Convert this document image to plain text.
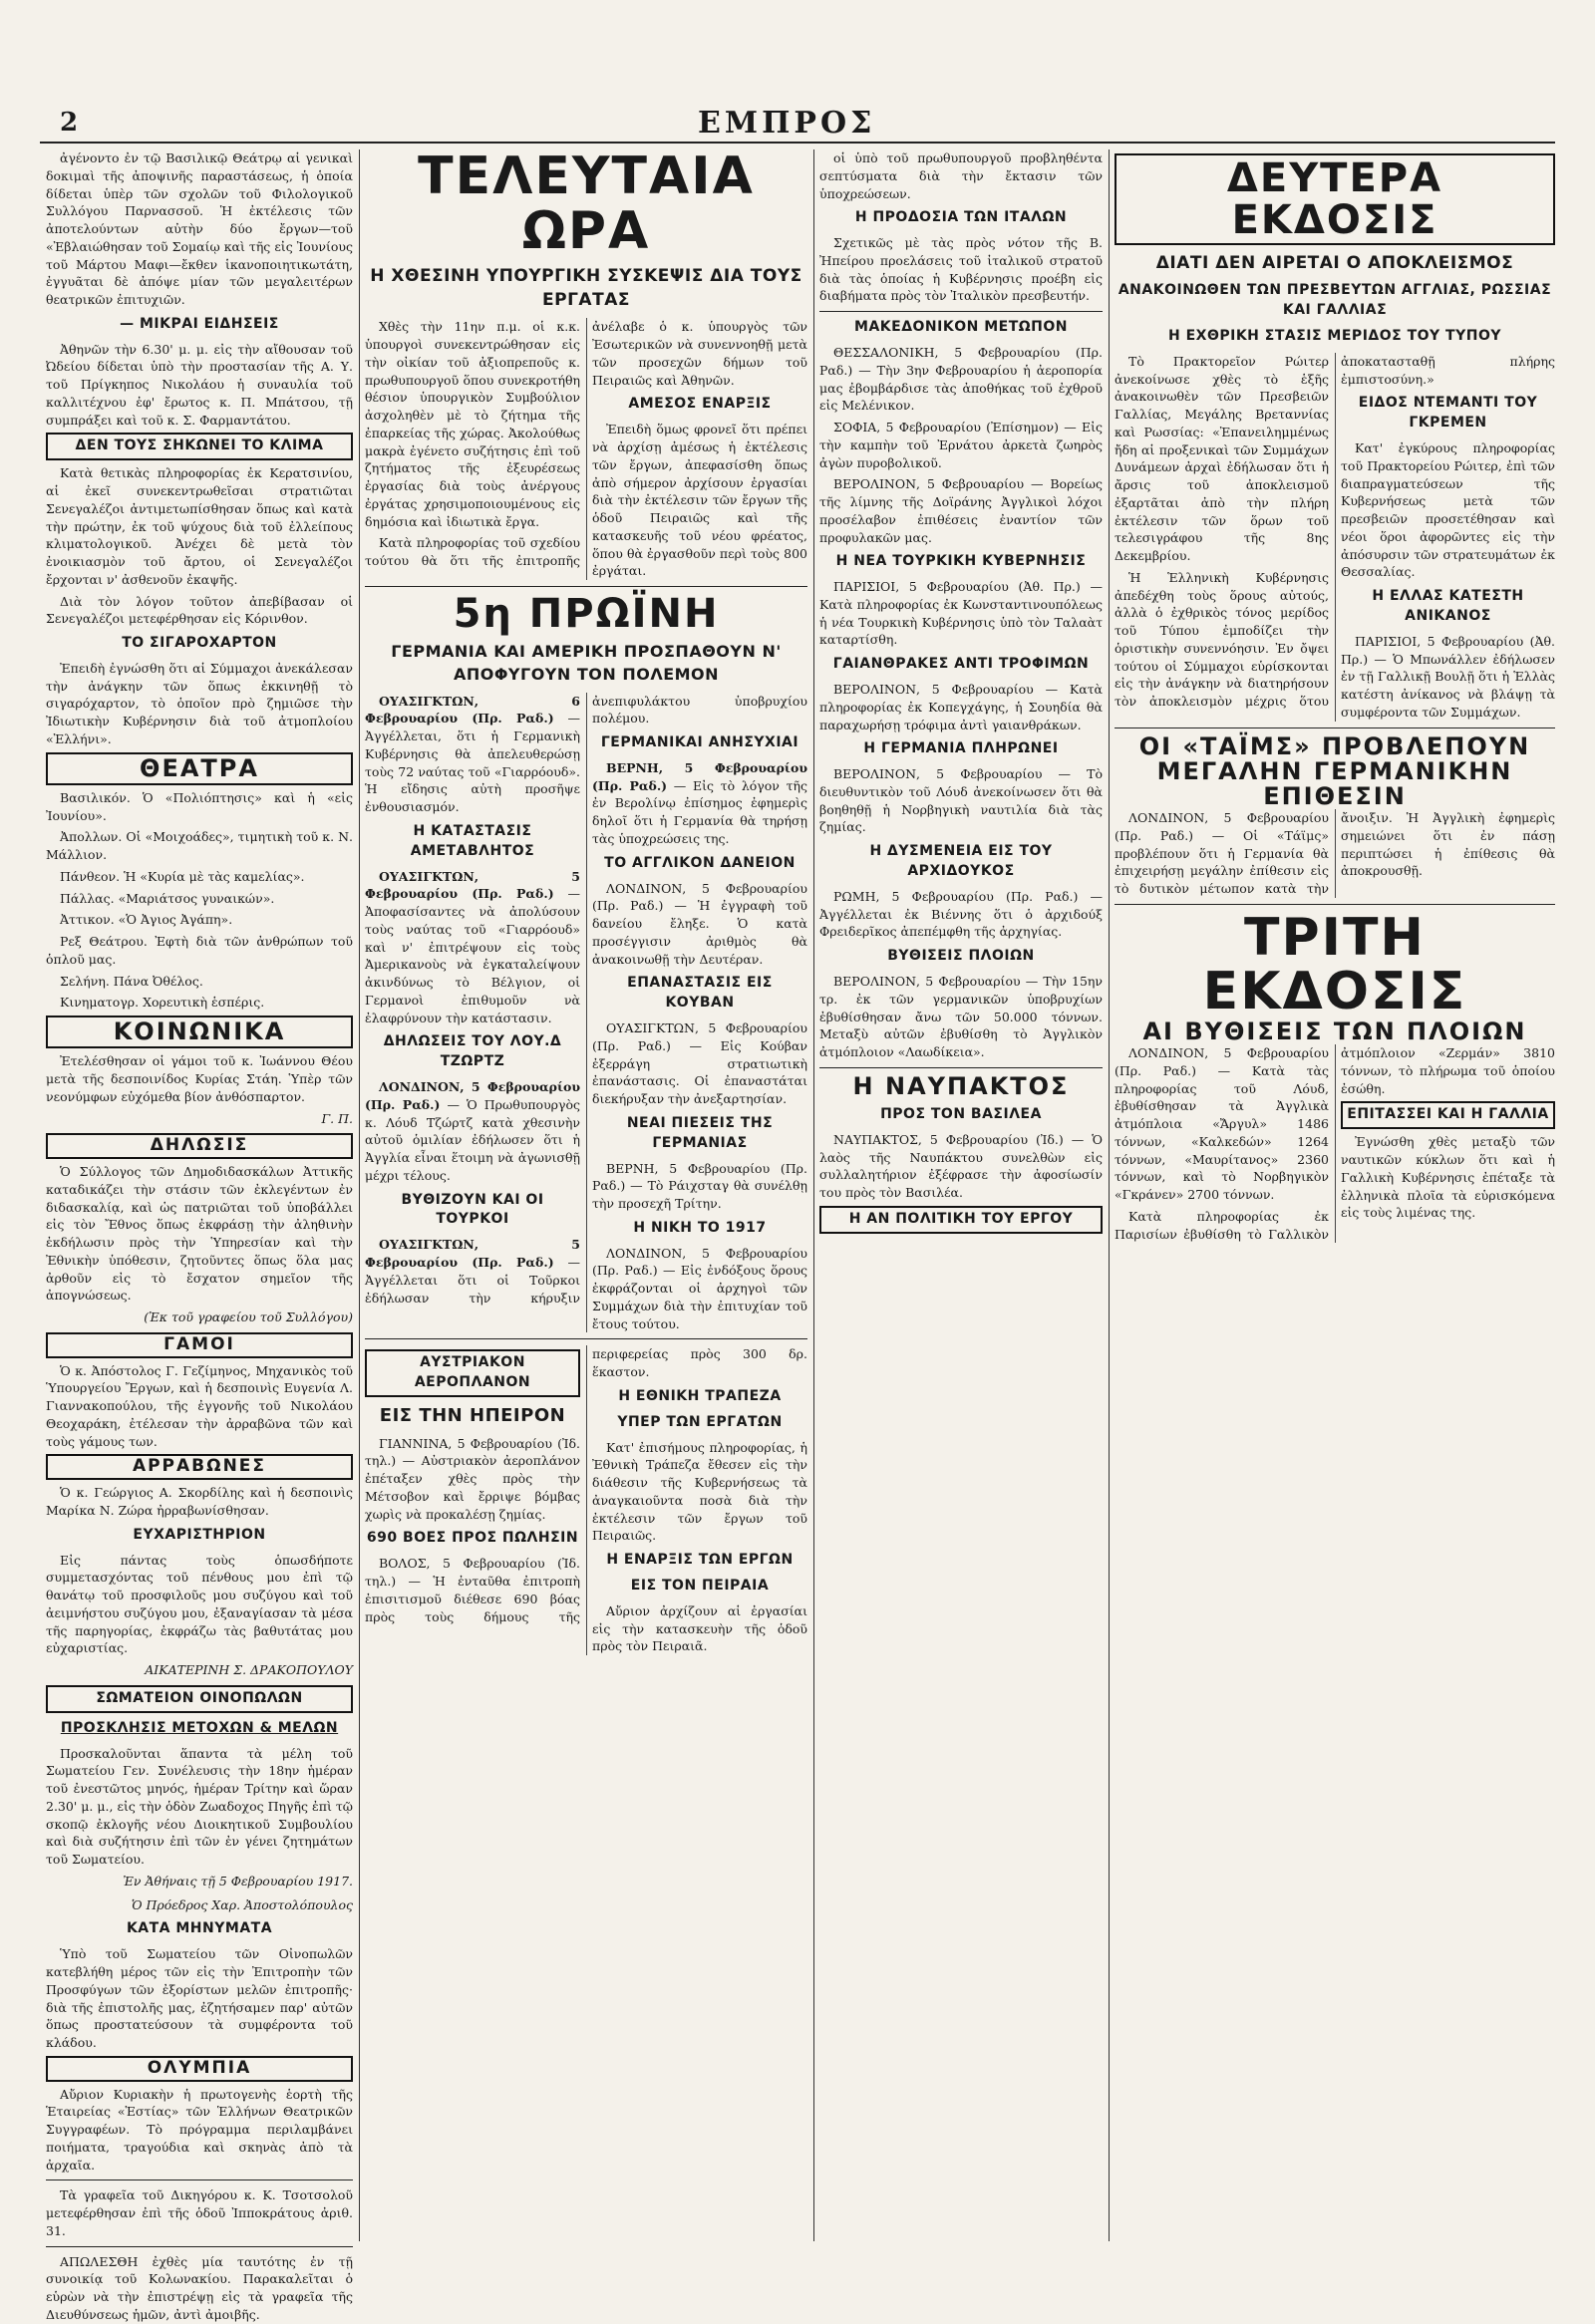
2	ΕΜΠΡΟΣ

ἀγένοντο ἐν τῷ Βασιλικῷ Θεάτρῳ αἱ γενικαὶ δοκιμαὶ τῆς ἀποψινῆς παραστάσεως, ἡ ὁποία δίδεται ὑπὲρ τῶν σχολῶν τοῦ Φιλολογικοῦ Συλλόγου Παρνασσοῦ. Ἡ ἐκτέλεσις τῶν ἀποτελούντων αὐτὴν δύο ἔργων—τοῦ «Ἐβλαιώθησαν τοῦ Σομαίῳ καὶ τῆς εἰς Ἰουνίους τοῦ Μάρτου Μαφι—ἔκθεν ἱκανοποιητικωτάτη, ἐγγυᾶται δὲ ἀπόψε μίαν τῶν μεγαλειτέρων θεατρικῶν ἐπιτυχιῶν.

— ΜΙΚΡΑΙ ΕΙΔΗΣΕΙΣ

Ἀθηνῶν τὴν 6.30' μ. μ. εἰς τὴν αἴθουσαν τοῦ Ὠδείου δίδεται ὑπὸ τὴν προστασίαν τῆς Α. Υ. τοῦ Πρίγκηπος Νικολάου ἡ συναυλία τοῦ καλλιτέχνου ἐφ' ἔρωτος κ. Π. Μπάτσου, τῇ συμπράξει καὶ τοῦ κ. Σ. Φαρμαντάτου.

ΔΕΝ ΤΟΥΣ ΣΗΚΩΝΕΙ ΤΟ ΚΛΙΜΑ

Κατὰ θετικὰς πληροφορίας ἐκ Κερατσινίου, αἱ ἐκεῖ συνεκεντρωθεῖσαι στρατιῶται Σενεγαλέζοι ἀντιμετωπίσθησαν ὅπως καὶ κατὰ τὴν πρώτην, ἐκ τοῦ ψύχους διὰ τοῦ ἐλλείπους κλιματολογικοῦ. Ἀνέχει δὲ μετὰ τὸν ἐνοικιασμὸν τοῦ ἄρτου, οἱ Σενεγαλέζοι ἔρχονται ν' ἀσθενοῦν ἐκαψῆς.

Διὰ τὸν λόγον τοῦτον ἀπεβίβασαν οἱ Σενεγαλέζοι μετεφέρθησαν εἰς Κόρινθον.

ΤΟ ΣΙΓΑΡΟΧΑΡΤΟΝ

Ἐπειδὴ ἐγνώσθη ὅτι αἱ Σύμμαχοι ἀνεκάλεσαν τὴν ἀνάγκην τῶν ὅπως ἐκκινηθῇ τὸ σιγαρόχαρτον, τὸ ὁποῖον πρὸ ζημιῶσε τὴν Ἰδιωτικὴν Κυβέρνησιν διὰ τοῦ ἀτμοπλοίου «Ἐλλήνι».

ΘΕΑΤΡΑ

Βασιλικόν. Ὁ «Πολιόπτησις» καὶ ἡ «εἰς Ἰουνίου».

Ἀπολλων. Οἱ «Μοιχοάδες», τιμητικὴ τοῦ κ. Ν. Μάλλιον.

Πάνθεον. Ἡ «Κυρία μὲ τὰς καμελίας».

Πάλλας. «Μαριάτσος γυναικών».

Ἀττικον. «Ὁ Ἀγιος Ἀγάπη».

Ρεξ Θεάτρου. Ἐφτὴ διὰ τῶν ἀνθρώπων τοῦ ὁπλοῦ μας.

Σελήνη. Πάνα Ὀθέλος.

Κινηματογρ. Χορευτικὴ ἑσπέρις.

ΚΟΙΝΩΝΙΚΑ

Ἐτελέσθησαν οἱ γάμοι τοῦ κ. Ἰωάννου Θέου μετὰ τῆς δεσποινίδος Κυρίας Στάη. Ὑπὲρ τῶν νεονύμφων εὐχόμεθα βίον ἀνθόσπαρτον.

Γ. Π.
ΔΗΛΩΣΙΣ

Ὁ Σύλλογος τῶν Δημοδιδασκάλων Ἀττικῆς καταδικάζει τὴν στάσιν τῶν ἐκλεγέντων ἐν διδασκαλίᾳ, καὶ ὡς πατριῶται τοῦ ὑποβάλλει εἰς τὸν Ἔθνος ὅπως ἐκφράσῃ τὴν ἀληθινὴν ἐκδήλωσιν πρὸς τὴν Ὑπηρεσίαν καὶ τὴν Ἐθνικὴν ὑπόθεσιν, ζητοῦντες ὅπως ὅλα μας ἀρθοῦν εἰς τὸ ἔσχατον σημεῖον τῆς ἀπογνώσεως.

(Ἐκ τοῦ γραφείου τοῦ Συλλόγου)
ΓΑΜΟΙ

Ὁ κ. Ἀπόστολος Γ. Γεζίμηνος, Μηχανικὸς τοῦ Ὑπουργείου Ἔργων, καὶ ἡ δεσποινὶς Ευγενία Λ. Γιαννακοπούλου, τῆς ἐγγονῆς τοῦ Νικολάου Θεοχαράκη, ἐτέλεσαν τὴν ἀρραβῶνα τῶν καὶ τοὺς γάμους των.

ΑΡΡΑΒΩΝΕΣ

Ὁ κ. Γεώργιος Α. Σκορδίλης καὶ ἡ δεσποινὶς Μαρίκα Ν. Ζώρα ἠρραβωνίσθησαν.

ΕΥΧΑΡΙΣΤΗΡΙΟΝ

Εἰς πάντας τοὺς ὁπωσδήποτε συμμετασχόντας τοῦ πένθους μου ἐπὶ τῷ θανάτῳ τοῦ προσφιλοῦς μου συζύγου καὶ τοῦ ἀειμνήστου συζύγου μου, ἐξαναγίασαν τὰ μέσα τῆς παρηγορίας, ἐκφράζω τὰς βαθυτάτας μου εὐχαριστίας.

ΑΙΚΑΤΕΡΙΝΗ Σ. ΔΡΑΚΟΠΟΥΛΟΥ
ΣΩΜΑΤΕΙΟΝ ΟΙΝΟΠΩΛΩΝ
ΠΡΟΣΚΛΗΣΙΣ ΜΕΤΟΧΩΝ & ΜΕΛΩΝ

Προσκαλοῦνται ἅπαντα τὰ μέλη τοῦ Σωματείου Γεν. Συνέλευσις τὴν 18ην ἡμέραν τοῦ ἐνεστῶτος μηνός, ἡμέραν Τρίτην καὶ ὥραν 2.30' μ. μ., εἰς τὴν ὁδὸν Ζωαδοχος Πηγῆς ἐπὶ τῷ σκοπῷ ἐκλογῆς νέου Διοικητικοῦ Συμβουλίου καὶ διὰ συζήτησιν ἐπὶ τῶν ἐν γένει ζητημάτων τοῦ Σωματείου.

Ἐν Ἀθήναις τῇ 5 Φεβρουαρίου 1917.
Ὁ Πρόεδρος Χαρ. Ἀποστολόπουλος
ΚΑΤΑ ΜΗΝΥΜΑΤΑ

Ὑπὸ τοῦ Σωματείου τῶν Οἰνοπωλῶν κατεβλήθη μέρος τῶν εἰς τὴν Ἐπιτροπὴν τῶν Προσφύγων τῶν ἐξορίστων μελῶν ἐπιτροπῆς· διὰ τῆς ἐπιστολῆς μας, ἐζητήσαμεν παρ' αὐτῶν ὅπως προστατεύσουν τὰ συμφέροντα τοῦ κλάδου.

ΟΛΥΜΠΙΑ

Αὔριον Κυριακὴν ἡ πρωτογενὴς ἑορτὴ τῆς Ἑταιρείας «Ἑστίας» τῶν Ἑλλήνων Θεατρικῶν Συγγραφέων. Τὸ πρόγραμμα περιλαμβάνει ποιήματα, τραγούδια καὶ σκηνὰς ἀπὸ τὰ ἀρχαῖα.

Τὰ γραφεῖα τοῦ Δικηγόρου κ. Κ. Τσοτσολοῦ μετεφέρθησαν ἐπὶ τῆς ὁδοῦ Ἰπποκράτους ἀριθ. 31.

ΑΠΩΛΕΣΘΗ ἐχθὲς μία ταυτότης ἐν τῇ συνοικίᾳ τοῦ Κολωνακίου. Παρακαλεῖται ὁ εὑρὼν νὰ τὴν ἐπιστρέψῃ εἰς τὰ γραφεῖα τῆς Διευθύνσεως ἡμῶν, ἀντὶ ἀμοιβῆς.

ΤΕΛΕΥΤΑΙΑ ΩΡΑ
Η ΧΘΕΣΙΝΗ ΥΠΟΥΡΓΙΚΗ ΣΥΣΚΕΨΙΣ ΔΙΑ ΤΟΥΣ ΕΡΓΑΤΑΣ

Χθὲς τὴν 11ην π.μ. οἱ κ.κ. ὑπουργοὶ συνεκεντρώθησαν εἰς τὴν οἰκίαν τοῦ ἀξιοπρεποῦς κ. πρωθυπουργοῦ ὅπου συνεκροτήθη θέσιον ὑπουργικὸν Συμβούλιον ἀσχοληθὲν μὲ τὸ ζήτημα τῆς ἐπαρκείας τῆς χώρας. Ἀκολούθως μακρὰ ἐγένετο συζήτησις ἐπὶ τοῦ ζητήματος τῆς ἐξευρέσεως ἐργασίας διὰ τοὺς ἀνέργους ἐργάτας χρησιμοποιουμένους εἰς δημόσια καὶ ἰδιωτικὰ ἔργα.

Κατὰ πληροφορίας τοῦ σχεδίου τούτου θὰ ὅτι τῆς ἐπιτροπῆς ἀνέλαβε ὁ κ. ὑπουργὸς τῶν Ἐσωτερικῶν νὰ συνεννοηθῇ μετὰ τῶν προσεχῶν δήμων τοῦ Πειραιῶς καὶ Ἀθηνῶν.

ΑΜΕΣΟΣ ΕΝΑΡΞΙΣ

Ἐπειδὴ ὅμως φρονεῖ ὅτι πρέπει νὰ ἀρχίσῃ ἀμέσως ἡ ἐκτέλεσις τῶν ἔργων, ἀπεφασίσθη ὅπως ἀπὸ σήμερον ἀρχίσουν ἐργασίαι διὰ τὴν ἐκτέλεσιν τῶν ἔργων τῆς ὁδοῦ Πειραιῶς καὶ τῆς κατασκευῆς τοῦ νέου φρέατος, ὅπου θὰ ἐργασθοῦν περὶ τοὺς 800 ἐργάται.

5η ΠΡΩΪΝΗ
ΓΕΡΜΑΝΙΑ ΚΑΙ ΑΜΕΡΙΚΗ ΠΡΟΣΠΑΘΟΥΝ Ν' ΑΠΟΦΥΓΟΥΝ ΤΟΝ ΠΟΛΕΜΟΝ

ΟΥΑΣΙΓΚΤΩΝ, 6 Φεβρουαρίου (Πρ. Ραδ.) — Ἀγγέλλεται, ὅτι ἡ Γερμανικὴ Κυβέρνησις θὰ ἀπελευθερώσῃ τοὺς 72 ναύτας τοῦ «Γιαρρόουδ». Ἡ εἴδησις αὐτὴ προσῆψε ἐνθουσιασμόν.

Η ΚΑΤΑΣΤΑΣΙΣ ΑΜΕΤΑΒΛΗΤΟΣ

ΟΥΑΣΙΓΚΤΩΝ, 5 Φεβρουαρίου (Πρ. Ραδ.) — Ἀποφασίσαντες νὰ ἀπολύσουν τοὺς ναύτας τοῦ «Γιαρρόουδ» καὶ ν' ἐπιτρέψουν εἰς τοὺς Ἀμερικανοὺς νὰ ἐγκαταλείψουν ἀκινδύνως τὸ Βέλγιον, οἱ Γερμανοὶ ἐπιθυμοῦν νὰ ἐλαφρύνουν τὴν κατάστασιν.

ΔΗΛΩΣΕΙΣ ΤΟΥ ΛΟΥ.Δ ΤΖΩΡΤΖ

ΛΟΝΔΙΝΟΝ, 5 Φεβρουαρίου (Πρ. Ραδ.) — Ὁ Πρωθυπουργὸς κ. Λόυδ Τζώρτζ κατὰ χθεσινὴν αὐτοῦ ὁμιλίαν ἐδήλωσεν ὅτι ἡ Ἀγγλία εἶναι ἕτοιμη νὰ ἀγωνισθῇ μέχρι τέλους.

ΒΥΘΙΖΟΥΝ ΚΑΙ ΟΙ ΤΟΥΡΚΟΙ

ΟΥΑΣΙΓΚΤΩΝ, 5 Φεβρουαρίου (Πρ. Ραδ.) — Ἀγγέλλεται ὅτι οἱ Τοῦρκοι ἐδήλωσαν τὴν κήρυξιν ἀνεπιφυλάκτου ὑποβρυχίου πολέμου.

ΓΕΡΜΑΝΙΚΑΙ ΑΝΗΣΥΧΙΑΙ

ΒΕΡΝΗ, 5 Φεβρουαρίου (Πρ. Ραδ.) — Εἰς τὸ λόγον τῆς ἐν Βερολίνῳ ἐπίσημος ἐφημερὶς δηλοῖ ὅτι ἡ Γερμανία θὰ τηρήσῃ τὰς ὑποχρεώσεις της.

ΤΟ ΑΓΓΛΙΚΟΝ ΔΑΝΕΙΟΝ

ΛΟΝΔΙΝΟΝ, 5 Φεβρουαρίου (Πρ. Ραδ.) — Ἡ ἐγγραφὴ τοῦ δανείου ἔληξε. Ὁ κατὰ προσέγγισιν ἀριθμὸς θὰ ἀνακοινωθῇ τὴν Δευτέραν.

ΕΠΑΝΑΣΤΑΣΙΣ ΕΙΣ ΚΟΥΒΑΝ

ΟΥΑΣΙΓΚΤΩΝ, 5 Φεβρουαρίου (Πρ. Ραδ.) — Εἰς Κούβαν ἐξερράγη στρατιωτικὴ ἐπανάστασις. Οἱ ἐπαναστάται διεκήρυξαν τὴν ἀνεξαρτησίαν.

ΝΕΑΙ ΠΙΕΣΕΙΣ ΤΗΣ ΓΕΡΜΑΝΙΑΣ

ΒΕΡΝΗ, 5 Φεβρουαρίου (Πρ. Ραδ.) — Τὸ Ράιχσταγ θὰ συνέλθῃ τὴν προσεχῆ Τρίτην.

Η ΝΙΚΗ ΤΟ 1917

ΛΟΝΔΙΝΟΝ, 5 Φεβρουαρίου (Πρ. Ραδ.) — Εἰς ἐνδόξους ὅρους ἐκφράζονται οἱ ἀρχηγοὶ τῶν Συμμάχων διὰ τὴν ἐπιτυχίαν τοῦ ἔτους τούτου.

ΑΥΣΤΡΙΑΚΟΝ ΑΕΡΟΠΛΑΝΟΝ
ΕΙΣ ΤΗΝ ΗΠΕΙΡΟΝ

ΓΙΑΝΝΙΝΑ, 5 Φεβρουαρίου (Ἰδ. τηλ.) — Αὐστριακὸν ἀεροπλάνον ἐπέταξεν χθὲς πρὸς τὴν Μέτσοβον καὶ ἔρριψε βόμβας χωρὶς νὰ προκαλέσῃ ζημίας.

690 ΒΟΕΣ ΠΡΟΣ ΠΩΛΗΣΙΝ

ΒΟΛΟΣ, 5 Φεβρουαρίου (Ἰδ. τηλ.) — Ἡ ἐνταῦθα ἐπιτροπὴ ἐπισιτισμοῦ διέθεσε 690 βόας πρὸς τοὺς δήμους τῆς περιφερείας πρὸς 300 δρ. ἕκαστον.

Η ΕΘΝΙΚΗ ΤΡΑΠΕΖΑ
ΥΠΕΡ ΤΩΝ ΕΡΓΑΤΩΝ

Κατ' ἐπισήμους πληροφορίας, ἡ Ἐθνικὴ Τράπεζα ἔθεσεν εἰς τὴν διάθεσιν τῆς Κυβερνήσεως τὰ ἀναγκαιοῦντα ποσὰ διὰ τὴν ἐκτέλεσιν τῶν ἔργων τοῦ Πειραιῶς.

Η ΕΝΑΡΞΙΣ ΤΩΝ ΕΡΓΩΝ
ΕΙΣ ΤΟΝ ΠΕΙΡΑΙΑ

Αὔριον ἀρχίζουν αἱ ἐργασίαι εἰς τὴν κατασκευὴν τῆς ὁδοῦ πρὸς τὸν Πειραιᾶ.

οἱ ὑπὸ τοῦ πρωθυπουργοῦ προβληθέντα σεπτύσματα διὰ τὴν ἔκτασιν τῶν ὑποχρεώσεων.

Η ΠΡΟΔΟΣΙΑ ΤΩΝ ΙΤΑΛΩΝ

Σχετικῶς μὲ τὰς πρὸς νότον τῆς Β. Ἠπείρου προελάσεις τοῦ ἰταλικοῦ στρατοῦ διὰ τὰς ὁποίας ἡ Κυβέρνησις προέβη εἰς διαβήματα πρὸς τὸν Ἰταλικὸν πρεσβευτήν.

ΜΑΚΕΔΟΝΙΚΟΝ ΜΕΤΩΠΟΝ

ΘΕΣΣΑΛΟΝΙΚΗ, 5 Φεβρουαρίου (Πρ. Ραδ.) — Τὴν 3ην Φεβρουαρίου ἡ ἀεροπορία μας ἐβομβάρδισε τὰς ἀποθήκας τοῦ ἐχθροῦ εἰς Μελένικον.

ΣΟΦΙΑ, 5 Φεβρουαρίου (Ἐπίσημον) — Εἰς τὴν καμπὴν τοῦ Ἐρνάτου ἀρκετὰ ζωηρὸς ἀγὼν πυροβολικοῦ.

ΒΕΡΟΛΙΝΟΝ, 5 Φεβρουαρίου — Βορείως τῆς λίμνης τῆς Δοϊράνης Ἀγγλικοὶ λόχοι προσέλαβον ἐπιθέσεις ἐναντίον τῶν προφυλακῶν μας.

Η ΝΕΑ ΤΟΥΡΚΙΚΗ ΚΥΒΕΡΝΗΣΙΣ

ΠΑΡΙΣΙΟΙ, 5 Φεβρουαρίου (Ἀθ. Πρ.) — Κατὰ πληροφορίας ἐκ Κωνσταντινουπόλεως ἡ νέα Τουρκικὴ Κυβέρνησις ὑπὸ τὸν Ταλαὰτ καταρτίσθη.

ΓΑΙΑΝΘΡΑΚΕΣ ΑΝΤΙ ΤΡΟΦΙΜΩΝ

ΒΕΡΟΛΙΝΟΝ, 5 Φεβρουαρίου — Κατὰ πληροφορίας ἐκ Κοπεγχάγης, ἡ Σουηδία θὰ παραχωρήσῃ τρόφιμα ἀντὶ γαιανθράκων.

Η ΓΕΡΜΑΝΙΑ ΠΛΗΡΩΝΕΙ

ΒΕΡΟΛΙΝΟΝ, 5 Φεβρουαρίου — Τὸ διευθυντικὸν τοῦ Λόυδ ἀνεκοίνωσεν ὅτι θὰ βοηθηθῇ ἡ Νορβηγικὴ ναυτιλία διὰ τὰς ζημίας.

Η ΔΥΣΜΕΝΕΙΑ ΕΙΣ ΤΟΥ ΑΡΧΙΔΟΥΚΟΣ

ΡΩΜΗ, 5 Φεβρουαρίου (Πρ. Ραδ.) — Ἀγγέλλεται ἐκ Βιέννης ὅτι ὁ ἀρχιδούξ Φρειδερῖκος ἀπεπέμφθη τῆς ἀρχηγίας.

ΒΥΘΙΣΕΙΣ ΠΛΟΙΩΝ

ΒΕΡΟΛΙΝΟΝ, 5 Φεβρουαρίου — Τὴν 15ην τρ. ἐκ τῶν γερμανικῶν ὑποβρυχίων ἐβυθίσθησαν ἄνω τῶν 50.000 τόννων. Μεταξὺ αὐτῶν ἐβυθίσθη τὸ Ἀγγλικὸν ἀτμόπλοιον «Λαωδίκεια».

Η ΝΑΥΠΑΚΤΟΣ
ΠΡΟΣ ΤΟΝ ΒΑΣΙΛΕΑ

ΝΑΥΠΑΚΤΟΣ, 5 Φεβρουαρίου (Ἰδ.) — Ὁ λαὸς τῆς Ναυπάκτου συνελθὼν εἰς συλλαλητήριον ἐξέφρασε τὴν ἀφοσίωσίν του πρὸς τὸν Βασιλέα.

Η ΑΝ ΠΟΛΙΤΙΚΗ ΤΟΥ ΕΡΓΟΥ
ΔΕΥΤΕΡΑ ΕΚΔΟΣΙΣ
ΔΙΑΤΙ ΔΕΝ ΑΙΡΕΤΑΙ Ο ΑΠΟΚΛΕΙΣΜΟΣ
ΑΝΑΚΟΙΝΩΘΕΝ ΤΩΝ ΠΡΕΣΒΕΥΤΩΝ ΑΓΓΛΙΑΣ, ΡΩΣΣΙΑΣ ΚΑΙ ΓΑΛΛΙΑΣ
Η ΕΧΘΡΙΚΗ ΣΤΑΣΙΣ ΜΕΡΙΔΟΣ ΤΟΥ ΤΥΠΟΥ

Τὸ Πρακτορεῖον Ρώιτερ ἀνεκοίνωσε χθὲς τὸ ἑξῆς ἀνακοινωθὲν τῶν Πρεσβειῶν Γαλλίας, Μεγάλης Βρεταννίας καὶ Ρωσσίας: «Ἐπανειλημμένως ἤδη αἱ προξενικαὶ τῶν Συμμάχων Δυνάμεων ἀρχαὶ ἐδήλωσαν ὅτι ἡ ἄρσις τοῦ ἀποκλεισμοῦ ἐξαρτᾶται ἀπὸ τὴν πλήρη ἐκτέλεσιν τῶν ὅρων τοῦ τελεσιγράφου τῆς 8ης Δεκεμβρίου.

Ἡ Ἑλληνικὴ Κυβέρνησις ἀπεδέχθη τοὺς ὅρους αὐτούς, ἀλλὰ ὁ ἐχθρικὸς τόνος μερίδος τοῦ Τύπου ἐμποδίζει τὴν ὁριστικὴν συνεννόησιν. Ἐν ὄψει τούτου οἱ Σύμμαχοι εὑρίσκονται εἰς τὴν ἀνάγκην νὰ διατηρήσουν τὸν ἀποκλεισμὸν μέχρις ὅτου ἀποκατασταθῇ πλήρης ἐμπιστοσύνη.»

ΕΙΔΟΣ ΝΤΕΜΑΝΤΙ ΤΟΥ ΓΚΡΕΜΕΝ

Κατ' ἐγκύρους πληροφορίας τοῦ Πρακτορείου Ρώιτερ, ἐπὶ τῶν διαπραγματεύσεων τῆς Κυβερνήσεως μετὰ τῶν πρεσβειῶν προσετέθησαν καὶ νέοι ὅροι ἀφορῶντες εἰς τὴν ἀπόσυρσιν τῶν στρατευμάτων ἐκ Θεσσαλίας.

Η ΕΛΛΑΣ ΚΑΤΕΣΤΗ ΑΝΙΚΑΝΟΣ

ΠΑΡΙΣΙΟΙ, 5 Φεβρουαρίου (Ἀθ. Πρ.) — Ὁ Μπωνάλλεν ἐδήλωσεν ἐν τῇ Γαλλικῇ Βουλῇ ὅτι ἡ Ἑλλὰς κατέστη ἀνίκανος νὰ βλάψῃ τὰ συμφέροντα τῶν Συμμάχων.

ΟΙ «ΤΑΪΜΣ» ΠΡΟΒΛΕΠΟΥΝ
ΜΕΓΑΛΗΝ ΓΕΡΜΑΝΙΚΗΝ ΕΠΙΘΕΣΙΝ

ΛΟΝΔΙΝΟΝ, 5 Φεβρουαρίου (Πρ. Ραδ.) — Οἱ «Τάϊμς» προβλέπουν ὅτι ἡ Γερμανία θὰ ἐπιχειρήσῃ μεγάλην ἐπίθεσιν εἰς τὸ δυτικὸν μέτωπον κατὰ τὴν ἄνοιξιν. Ἡ Ἀγγλικὴ ἐφημερὶς σημειώνει ὅτι ἐν πάσῃ περιπτώσει ἡ ἐπίθεσις θὰ ἀποκρουσθῇ.

ΤΡΙΤΗ ΕΚΔΟΣΙΣ
ΑΙ ΒΥΘΙΣΕΙΣ ΤΩΝ ΠΛΟΙΩΝ

ΛΟΝΔΙΝΟΝ, 5 Φεβρουαρίου (Πρ. Ραδ.) — Κατὰ τὰς πληροφορίας τοῦ Λόυδ, ἐβυθίσθησαν τὰ Ἀγγλικὰ ἀτμόπλοια «Ἄργυλ» 1486 τόννων, «Καλκεδών» 1264 τόννων, «Μαυρίτανος» 2360 τόννων, καὶ τὸ Νορβηγικὸν «Γκράνεν» 2700 τόννων.

Κατὰ πληροφορίας ἐκ Παρισίων ἐβυθίσθη τὸ Γαλλικὸν ἀτμόπλοιον «Ζερμάν» 3810 τόννων, τὸ πλήρωμα τοῦ ὁποίου ἐσώθη.

ΕΠΙΤΑΣΣΕΙ ΚΑΙ Η ΓΑΛΛΙΑ

Ἐγνώσθη χθὲς μεταξὺ τῶν ναυτικῶν κύκλων ὅτι καὶ ἡ Γαλλικὴ Κυβέρνησις ἐπέταξε τὰ ἐλληνικὰ πλοῖα τὰ εὑρισκόμενα εἰς τοὺς λιμένας της.
